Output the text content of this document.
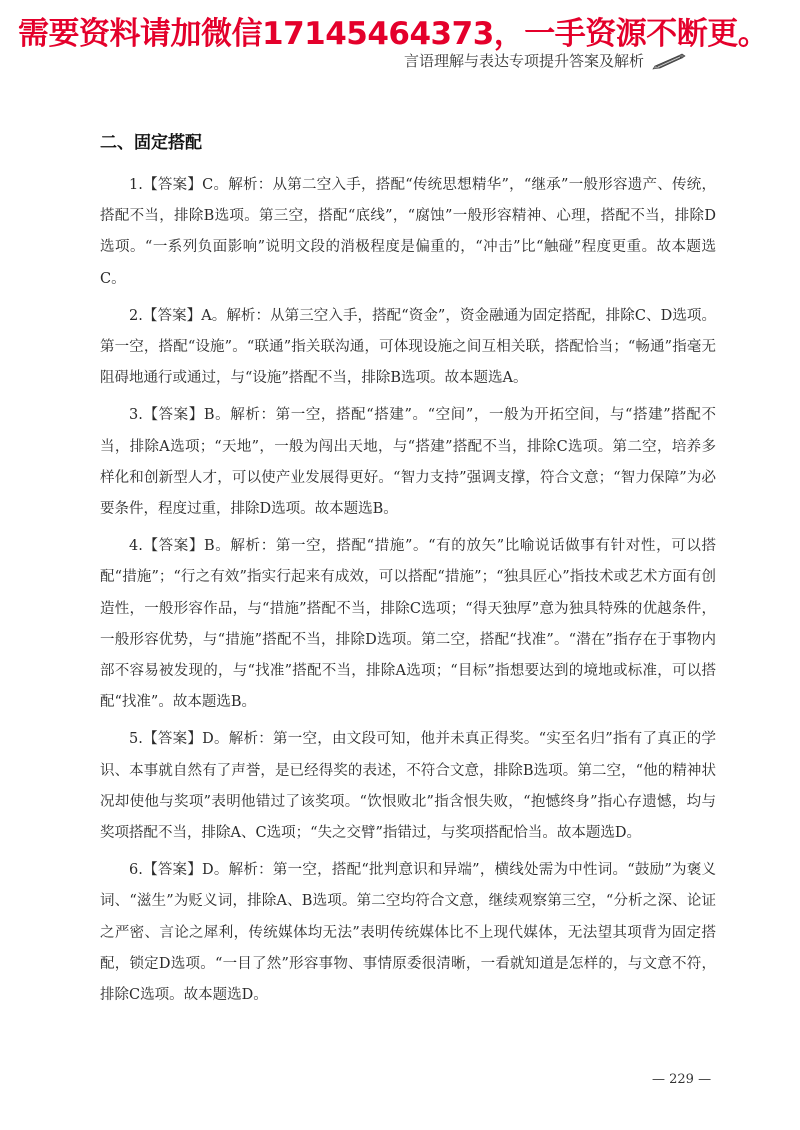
需要资料请加微信17145464373，一手资源不断更。
言语理解与表达专项提升答案及解析
二、固定搭配

1.【答案】C。解析：从第二空入手，搭配“传统思想精华”，“继承”一般形容遗产、传统，搭配不当，排除B选项。第三空，搭配“底线”，“腐蚀”一般形容精神、心理，搭配不当，排除D选项。“一系列负面影响”说明文段的消极程度是偏重的，“冲击”比“触碰”程度更重。故本题选C。

2.【答案】A。解析：从第三空入手，搭配“资金”，资金融通为固定搭配，排除C、D选项。第一空，搭配“设施”。“联通”指关联沟通，可体现设施之间互相关联，搭配恰当；“畅通”指毫无阻碍地通行或通过，与“设施”搭配不当，排除B选项。故本题选A。

3.【答案】B。解析：第一空，搭配“搭建”。“空间”，一般为开拓空间，与“搭建”搭配不当，排除A选项；“天地”，一般为闯出天地，与“搭建”搭配不当，排除C选项。第二空，培养多样化和创新型人才，可以使产业发展得更好。“智力支持”强调支撑，符合文意；“智力保障”为必要条件，程度过重，排除D选项。故本题选B。

4.【答案】B。解析：第一空，搭配“措施”。“有的放矢”比喻说话做事有针对性，可以搭配“措施”；“行之有效”指实行起来有成效，可以搭配“措施”；“独具匠心”指技术或艺术方面有创造性，一般形容作品，与“措施”搭配不当，排除C选项；“得天独厚”意为独具特殊的优越条件，一般形容优势，与“措施”搭配不当，排除D选项。第二空，搭配“找准”。“潜在”指存在于事物内部不容易被发现的，与“找准”搭配不当，排除A选项；“目标”指想要达到的境地或标准，可以搭配“找准”。故本题选B。

5.【答案】D。解析：第一空，由文段可知，他并未真正得奖。“实至名归”指有了真正的学识、本事就自然有了声誉，是已经得奖的表述，不符合文意，排除B选项。第二空，“他的精神状况却使他与奖项”表明他错过了该奖项。“饮恨败北”指含恨失败，“抱憾终身”指心存遗憾，均与奖项搭配不当，排除A、C选项；“失之交臂”指错过，与奖项搭配恰当。故本题选D。

6.【答案】D。解析：第一空，搭配“批判意识和异端”，横线处需为中性词。“鼓励”为褒义词、“滋生”为贬义词，排除A、B选项。第二空均符合文意，继续观察第三空，“分析之深、论证之严密、言论之犀利，传统媒体均无法”表明传统媒体比不上现代媒体，无法望其项背为固定搭配，锁定D选项。“一目了然”形容事物、事情原委很清晰，一看就知道是怎样的，与文意不符，排除C选项。故本题选D。

— 229 —
